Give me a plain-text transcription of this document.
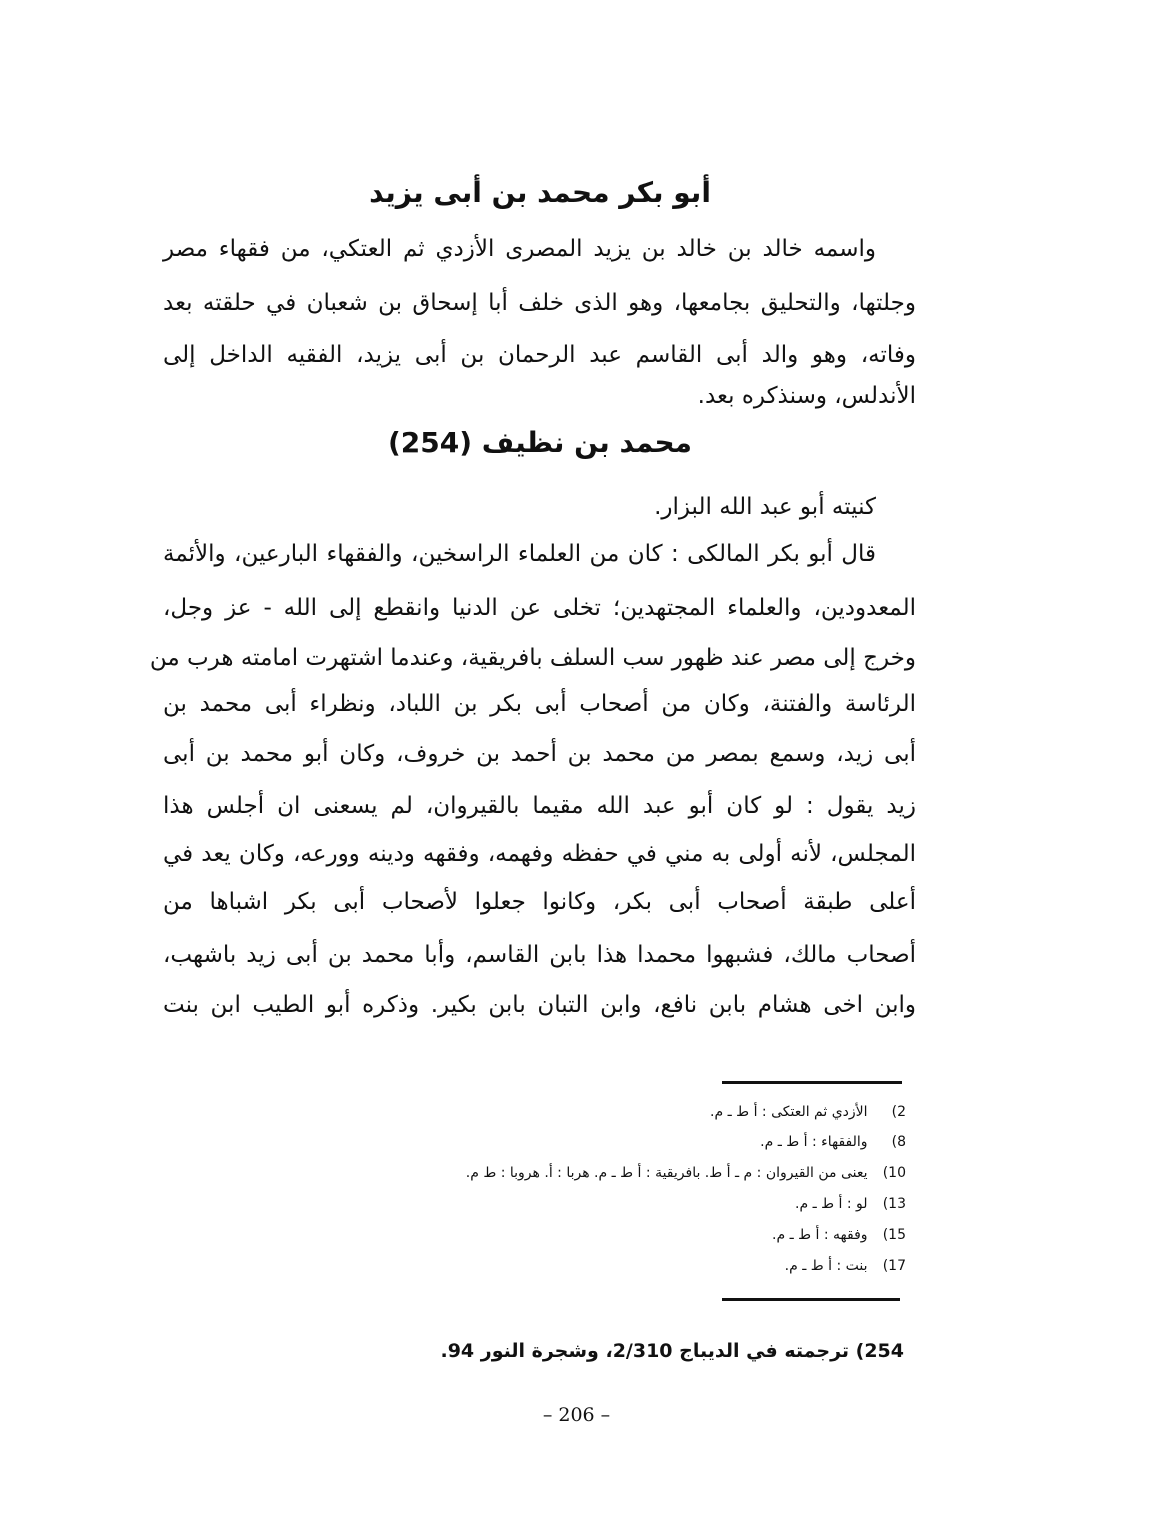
أبو بكر محمد بن أبى يزيد
واسمه خالد بن خالد بن يزيد المصرى الأزدي ثم العتكي، من فقهاء مصر
وجلتها، والتحليق بجامعها، وهو الذى خلف أبا إسحاق بن شعبان في حلقته بعد
وفاته، وهو والد أبى القاسم عبد الرحمان بن أبى يزيد، الفقيه الداخل إلى
الأندلس، وسنذكره بعد.
محمد بن نظيف (254)
كنيته أبو عبد الله البزار.
قال أبو بكر المالكى : كان من العلماء الراسخين، والفقهاء البارعين، والأئمة
المعدودين، والعلماء المجتهدين؛ تخلى عن الدنيا وانقطع إلى الله - عز وجل،
وخرج إلى مصر عند ظهور سب السلف بافريقية، وعندما اشتهرت امامته هرب من
الرئاسة والفتنة، وكان من أصحاب أبى بكر بن اللباد، ونظراء أبى محمد بن
أبى زيد، وسمع بمصر من محمد بن أحمد بن خروف، وكان أبو محمد بن أبى
زيد يقول : لو كان أبو عبد الله مقيما بالقيروان، لم يسعنى ان أجلس هذا
المجلس، لأنه أولى به مني في حفظه وفهمه، وفقهه ودينه وورعه، وكان يعد في
أعلى طبقة أصحاب أبى بكر، وكانوا جعلوا لأصحاب أبى بكر اشباها من
أصحاب مالك، فشبهوا محمدا هذا بابن القاسم، وأبا محمد بن أبى زيد باشهب،
وابن اخى هشام بابن نافع، وابن التبان بابن بكير. وذكره أبو الطيب ابن بنت
2) الأزدي ثم العتكى : أ ط ـ م.
8) والفقهاء : أ ط ـ م.
10) يعنى من القيروان : م ـ أ ط. بافريقية : أ ط ـ م. هربا : أ. هروبا : ط م.
13) لو : أ ط ـ م.
15) وفقهه : أ ط ـ م.
17) بنت : أ ط ـ م.
254) ترجمته في الديباج 2/310، وشجرة النور 94.
– 206 –
